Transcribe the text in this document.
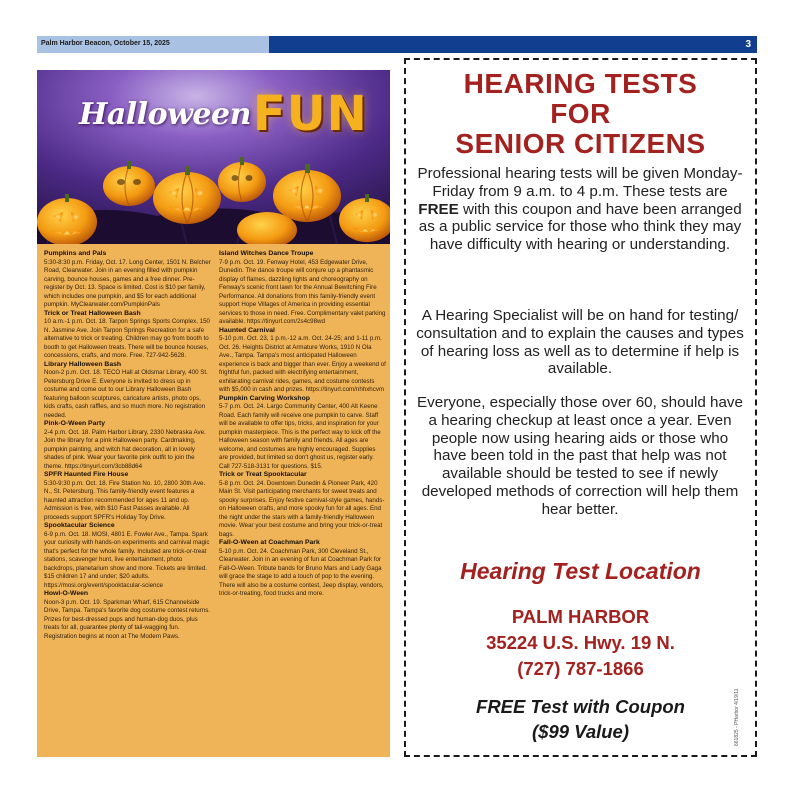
Palm Harbor Beacon, October 15, 2025	3
Halloween FUN

Pumpkins and Pals

5:30-8:30 p.m. Friday, Oct. 17. Long Center, 1501 N. Belcher Road, Clearwater. Join in an evening filled with pumpkin carving, bounce houses, games and a free dinner. Pre-register by Oct. 13. Space is limited. Cost is $10 per family, which includes one pumpkin, and $5 for each additional pumpkin. MyClearwater.com/PumpkinPals

Trick or Treat Halloween Bash

10 a.m.-1 p.m. Oct. 18. Tarpon Springs Sports Complex, 150 N. Jasmine Ave. Join Tarpon Springs Recreation for a safe alternative to trick or treating. Children may go from booth to booth to get Halloween treats. There will be bounce houses, concessions, crafts, and more. Free. 727-942-5628.

Library Halloween Bash

Noon-2 p.m. Oct. 18. TECO Hall at Oldsmar Library, 400 St. Petersburg Drive E. Everyone is invited to dress up in costume and come out to our Library Halloween Bash featuring balloon sculptures, caricature artists, photo ops, kids crafts, cash raffles, and so much more. No registration needed.

Pink-O-Ween Party

2-4 p.m. Oct. 18. Palm Harbor Library, 2330 Nebraska Ave. Join the library for a pink Halloween party. Cardmaking, pumpkin painting, and witch hat decoration, all in lovely shades of pink. Wear your favorite pink outfit to join the theme. https://tinyurl.com/3cb88d64

SPFR Haunted Fire House

5:30-9:30 p.m. Oct. 18. Fire Station No. 10, 2800 30th Ave. N., St. Petersburg. This family-friendly event features a haunted attraction recommended for ages 11 and up. Admission is free, with $10 Fast Passes available. All proceeds support SPFR's Holiday Toy Drive.

Spooktacular Science

6-9 p.m. Oct. 18. MOSI, 4801 E. Fowler Ave., Tampa. Spark your curiosity with hands-on experiments and carnival magic that's perfect for the whole family. Included are trick-or-treat stations, scavenger hunt, live entertainment, photo backdrops, planetarium show and more. Tickets are limited. $15 children 17 and under; $20 adults. https://mosi.org/event/spooktacular-science

Howl-O-Ween

Noon-3 p.m. Oct. 19. Sparkman Wharf, 615 Channelside Drive, Tampa. Tampa's favorite dog costume contest returns. Prizes for best-dressed pups and human-dog duos, plus treats for all, guarantee plenty of tail-wagging fun. Registration begins at noon at The Modern Paws.

Island Witches Dance Troupe

7-9 p.m. Oct. 19. Fenway Hotel, 453 Edgewater Drive, Dunedin. The dance troupe will conjure up a phantasmic display of flames, dazzling lights and choreography on Fenway's scenic front lawn for the Annual Bewitching Fire Performance. All donations from this family-friendly event support Hope Villages of America in providing essential services to those in need. Free. Complimentary valet parking available. https://tinyurl.com/2s4c98wd

Haunted Carnival

5-10 p.m. Oct. 23, 1 p.m.-12 a.m. Oct. 24-25; and 1-11 p.m. Oct. 26. Heights District at Armature Works, 1910 N Ola Ave., Tampa. Tampa's most anticipated Halloween experience is back and bigger than ever. Enjoy a weekend of frightful fun, packed with electrifying entertainment, exhilarating carnival rides, games, and costume contests with $5,000 in cash and prizes. https://tinyurl.com/nhhxhcvm

Pumpkin Carving Workshop

5-7 p.m. Oct. 24. Largo Community Center, 400 Alt Keene Road. Each family will receive one pumpkin to carve. Staff will be available to offer tips, tricks, and inspiration for your pumpkin masterpiece. This is the perfect way to kick off the Halloween season with family and friends. All ages are welcome, and costumes are highly encouraged. Supplies are provided, but limited so don't ghost us, register early. Call 727-518-3131 for questions. $15.

Trick or Treat Spooktacular

5-8 p.m. Oct. 24. Downtown Dunedin & Pioneer Park, 420 Main St. Visit participating merchants for sweet treats and spooky surprises. Enjoy festive carnival-style games, hands-on Halloween crafts, and more spooky fun for all ages. End the night under the stars with a family-friendly Halloween movie. Wear your best costume and bring your trick-or-treat bags.

Fall-O-Ween at Coachman Park

5-10 p.m. Oct. 24. Coachman Park, 300 Cleveland St., Clearwater. Join in an evening of fun at Coachman Park for Fall-O-Ween. Tribute bands for Bruno Mars and Lady Gaga will grace the stage to add a touch of pop to the evening. There will also be a costume contest, Jeep display, vendors, trick-or-treating, food trucks and more.

HEARING TESTS
FOR
SENIOR CITIZENS
Professional hearing tests will be given Monday-Friday from 9 a.m. to 4 p.m. These tests are FREE with this coupon and have been arranged as a public service for those who think they may have difficulty with hearing or understanding.
A Hearing Specialist will be on hand for testing/ consultation and to explain the causes and types of hearing loss as well as to determine if help is available.
Everyone, especially those over 60, should have a hearing checkup at least once a year. Even people now using hearing aids or those who have been told in the past that help was not available should be tested to see if newly developed methods of correction will help them hear better.
Hearing Test Location
PALM HARBOR
35224 U.S. Hwy. 19 N.
(727) 787-1866
FREE Test with Coupon
($99 Value)	661825 - PHarbor 4/19/11
